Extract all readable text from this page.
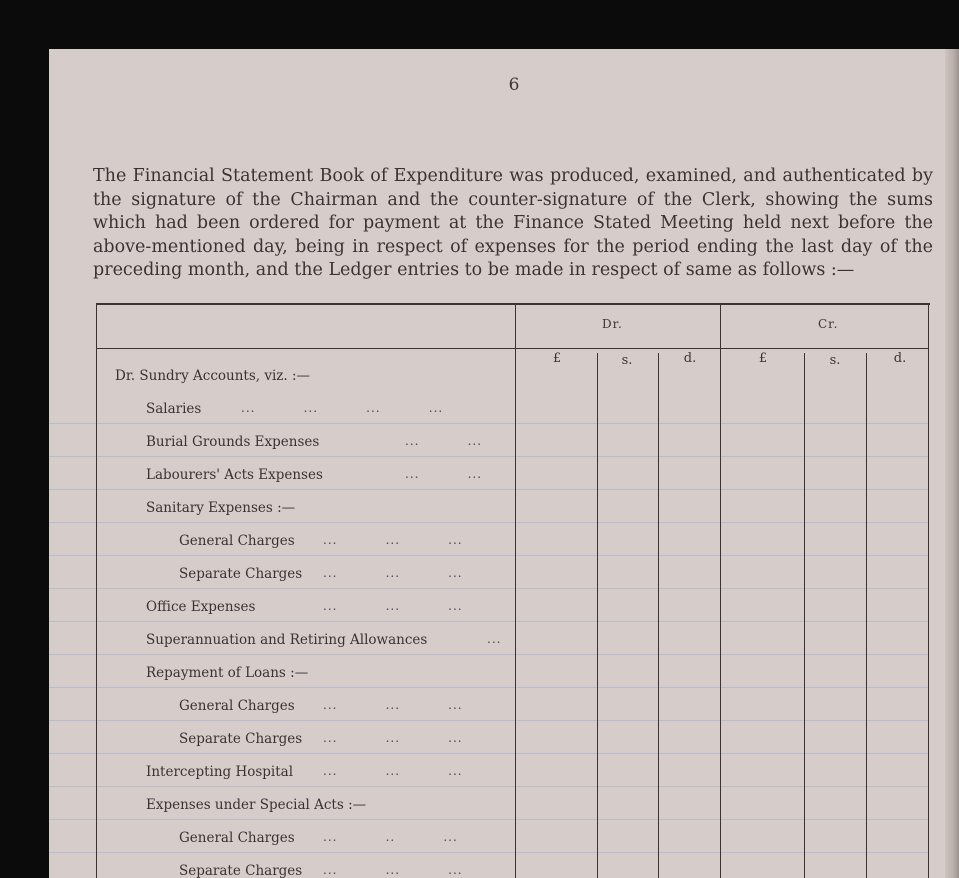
6

The Financial Statement Book of Expenditure was produced, examined, and authenticated by the signature of the Chairman and the counter-signature of the Clerk, showing the sums which had been ordered for payment at the Finance Stated Meeting held next before the above-mentioned day, being in respect of expenses for the period ending the last day of the preceding month, and the Ledger entries to be made in respect of same as follows :—

Dr.	Cr.
£	s.	d.	£	s.	d.
Dr. Sundry Accounts, viz. :—
Salaries	...          ...          ...          ...
Burial Grounds Expenses	...          ...
Labourers' Acts Expenses	...          ...
Sanitary Expenses :—
General Charges ...          ...          ...
Separate Charges ...          ...          ...
Office Expenses	...          ...          ...
Superannuation and Retiring Allowances	...
Repayment of Loans :—
General Charges ...          ...          ...
Separate Charges ...          ...          ...
Intercepting Hospital ...          ...          ...
Expenses under Special Acts :—
General Charges ...          ..          ...
Separate Charges ...          ...          ...
